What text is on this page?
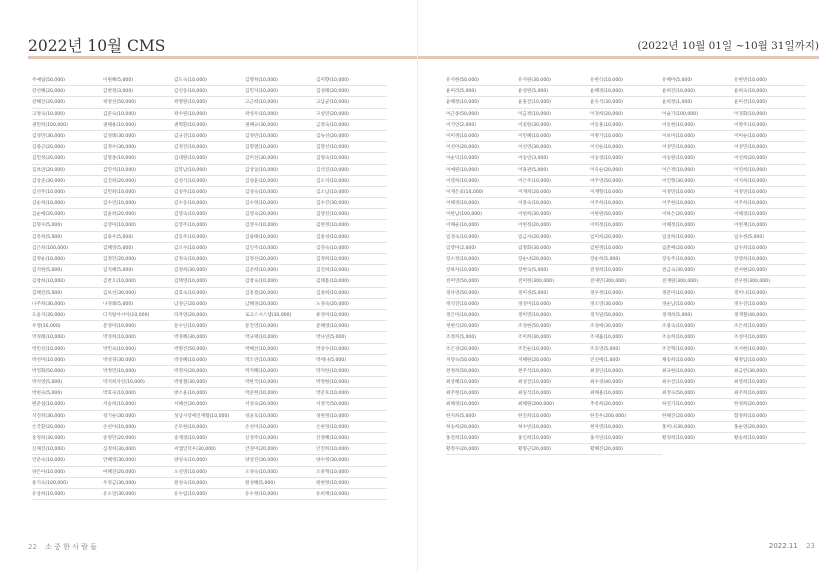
2022년 10월 CMS
주예림(50,000)	이원혜(5,000)	김도숙(10,000)	김명희(10,000)	김미향(10,000)
강선혜(20,000)	김현정(3,000)	김선동(10,000)	김민지(10,000)	김성태(20,000)
강혜진(20,000)	곽정선(50,000)	곽명원(10,000)	고근희(10,000)	고남균(10,000)
고정숙(10,000)	김준숙(10,000)	곽수원(10,000)	곽성우(10,000)	구설연(20,000)
권민희(100,000)	권해용(10,000)	권혁환(10,000)	권혜규(30,000)	금정숙(10,000)
김경민(30,000)	김경례(30,000)	김규진(10,000)	김경빈(10,000)	김녹선(20,000)
김종근(20,000)	김경수(30,000)	김경진(10,000)	김명열(10,000)	김명선(10,000)
김민정(20,000)	김명종(10,000)	김대원(10,000)	김미선(30,000)	김명숙(10,000)
김보연(20,000)	김민석(10,000)	김복남(10,000)	김상일(10,000)	김석진(10,000)
김상준(30,000)	김진희(20,000)	김성식(10,000)	김성윤(10,000)	김소지(10,000)
김선주(10,000)	김민희(10,000)	김성주(10,000)	김성숙(10,000)	김소남(10,000)
김순희(10,000)	김수연(10,000)	김수동(10,000)	김수정(10,000)	김수진(30,000)
김순애(20,000)	김윤희(20,000)	김영숙(10,000)	김영숙(20,000)	김영선(10,000)
김명수(5,000)	김영미(10,000)	김영주(10,000)	김영수(10,000)	김현정(10,000)
김옥희(5,000)	김용우(5,000)	김동주(10,000)	김용태(10,000)	김용성(10,000)
김은희(100,000)	김혜영(5,000)	김오수(10,000)	김인주(10,000)	김전숙(10,000)
김정순(10,000)	김정민(20,000)	김정숙(10,000)	김정선(20,000)	김정희(10,000)
김지현(5,000)	김지혜(5,000)	김정희(30,000)	김준희(10,000)	김진희(10,000)
김창희(10,000)	김찬오(10,000)	김태영(10,000)	김창숙(10,000)	김태흠(10,000)
김해진(5,000)	김보선(30,000)	김효숙(10,000)	김흥걸(20,000)	김종희(10,000)
나주희(30,000)	나경례(5,000)	남경근(20,000)	남혜경(20,000)	노경숙(20,000)
도윤지(30,000)	디지털아시아(10,000)	라자영(20,000)	로고스시스템(30,000)	류경미(10,000)
우영(30,000)	문경미(10,000)	문수인(10,000)	문진영(10,000)	문혜영(10,000)
박경례(10,000)	박경희(10,000)	박경혜(30,000)	박규택(10,000)	박나연(5,000)
박민선(10,000)	박민숙(10,000)	박명진(50,000)	박혜선(10,000)	박상수(10,000)
박선미(10,000)	박성경(30,000)	박성혜(10,000)	박소연(10,000)	박세나(5,000)
박연화(50,000)	박정민(10,000)	박정자(20,000)	박지혜(10,000)	박지한(10,000)
박지영(5,000)	박지희자연(10,000)	박창철(30,000)	박한국(10,000)	박정현(10,000)
박현숙(5,000)	박효숙(10,000)	방소윤(10,000)	박준현(10,000)	박준호(10,000)
변준섭(10,000)	서승희(10,000)	서혜선(20,000)	서성숙(20,000)	서정국(50,000)
석진희(30,000)	성기순(30,000)	성남시장애인재활(10,000)	성윤호(10,000)	성현정(10,000)
손국환(20,000)	손선아(10,000)	손모현(10,000)	손선미(10,000)	손현경(10,000)
송정희(30,000)	송정민(20,000)	송재경(10,000)	신경주(10,000)	신정혜(10,000)
신채진(10,000)	심정희(30,000)	씨엠인덕우(30,000)	안경미(20,000)	안진희(10,000)
안준숙(10,000)	안혜영(30,000)	양성숙(10,000)	양성진(30,000)	양수정(30,000)
양은아(10,000)	여혜진(20,000)	오선영(10,000)	오경숙(10,000)	오흥혁(10,000)
용기숙(100,000)	우정금(30,000)	원성숙(10,000)	원성혜(5,000)	원현정(10,000)
유상희(10,000)	유소연(30,000)	유수임(10,000)	유수정(10,000)	유희재(10,000)
22 소 중 한 사 람 들
(2022년 10월 01일 ~10월 31일까지)
유지현(50,000)	유지원(30,000)	유현식(10,000)	유혜미(5,000)	유현빈(10,000)
윤미리(5,000)	윤성원(5,000)	윤혜경(10,000)	윤희진(10,000)	윤희숙(10,000)
윤혜정(10,000)	윤홍진(10,000)	윤유석(30,000)	윤희정(1,000)	윤미선(10,000)
이근종(50,000)	이금정(10,000)	이경희(20,000)	이슬기(100,000)	이경화(10,000)
이기언(2,000)	이길원(30,000)	이동훈(10,000)	이동현(10,000)	이명주(10,000)
이미정(10,000)	이민혜(10,000)	이병기(10,000)	이보미(10,000)	이미순(10,000)
이선미(20,000)	이선영(30,000)	이선순(10,000)	이성민(10,000)	이성민(10,000)
이순덕(10,000)	이승연(3,000)	이승경(10,000)	이승원(10,000)	이선희(20,000)
이예원(10,000)	이용관(5,000)	이유순(20,000)	이은정(10,000)	이연희(10,000)
이영희(10,000)	이은주(10,000)	이주영(50,000)	이인형(30,000)	이지희(10,000)
이재은외(10,000)	이재희(20,000)	이재형(10,000)	이정민(10,000)	이정연(10,000)
이혜경(10,000)	이종숙(10,000)	이주희(10,000)	이주현(10,000)	이주희(10,000)
이한남(100,000)	이현희(30,000)	이한원(50,000)	이하은(20,000)	이해경(10,000)
이해순(10,000)	이현정(20,000)	이희정(10,000)	이혜정(10,000)	이현재(10,000)
임경숙(10,000)	임금자(20,000)	임미희(20,000)	임상희(10,000)	임수정(5,000)
임영미(2,000)	임정화(30,000)	임현정(10,000)	임춘예(20,000)	임수희(10,000)
장소정(10,000)	장순녀(20,000)	장순희(5,000)	장승주(10,000)	장영희(10,000)
장하자(10,000)	장현숙(5,000)	전경희(10,000)	전금숙(30,000)	전서현(20,000)
전미영(50,000)	전미현(300,000)	전세민(300,000)	전재원(300,000)	전우현(300,000)
정다영(50,000)	정미경(5,000)	정우정(10,000)	정문미(10,000)	정미나(10,000)
정석진(10,000)	정성미(10,000)	정소영(30,000)	정순남(10,000)	정수진(10,000)
정은미(10,000)	정미영(10,000)	정지일(50,000)	정재희(5,000)	정재철(40,000)
정현식(20,000)	조경현(50,000)	조경애(30,000)	조광숙(10,000)	조은희(10,000)
조정희(5,000)	조미희(30,000)	조세률(10,000)	조승희(10,000)	조성미(10,000)
조은경(20,000)	조민순(10,000)	조호영(5,000)	조진혁(10,000)	조서현(10,000)
지영숙(50,000)	지혜원(20,000)	진선애(1,000)	채송희(10,000)	채정임(10,000)
천정희(50,000)	천주석(10,000)	최경인(10,000)	최규현(10,000)	최금련(30,000)
최상혜(10,000)	최성진(10,000)	최수경(40,000)	최수진(10,000)	최영희(10,000)
최주현(10,000)	최일석(10,000)	최해용(10,000)	최정숙(50,000)	최주희(10,000)
최해경(10,000)	최해원(200,000)	추옥희(20,000)	하진기(10,000)	한경희(20,000)
한지희(5,000)	한진희(10,000)	한진우(200,000)	한혜진(20,000)	함경희(10,000)
허승희(20,000)	허수빈(10,000)	현자영(10,000)	홍미나(30,000)	홍순영(20,000)
홍진희(10,000)	홍인희(10,000)	홍지연(10,000)	황경희(10,000)	황승희(10,000)
황정수(20,000)	황명근(20,000)	황혜진(20,000)
2022.11 23
